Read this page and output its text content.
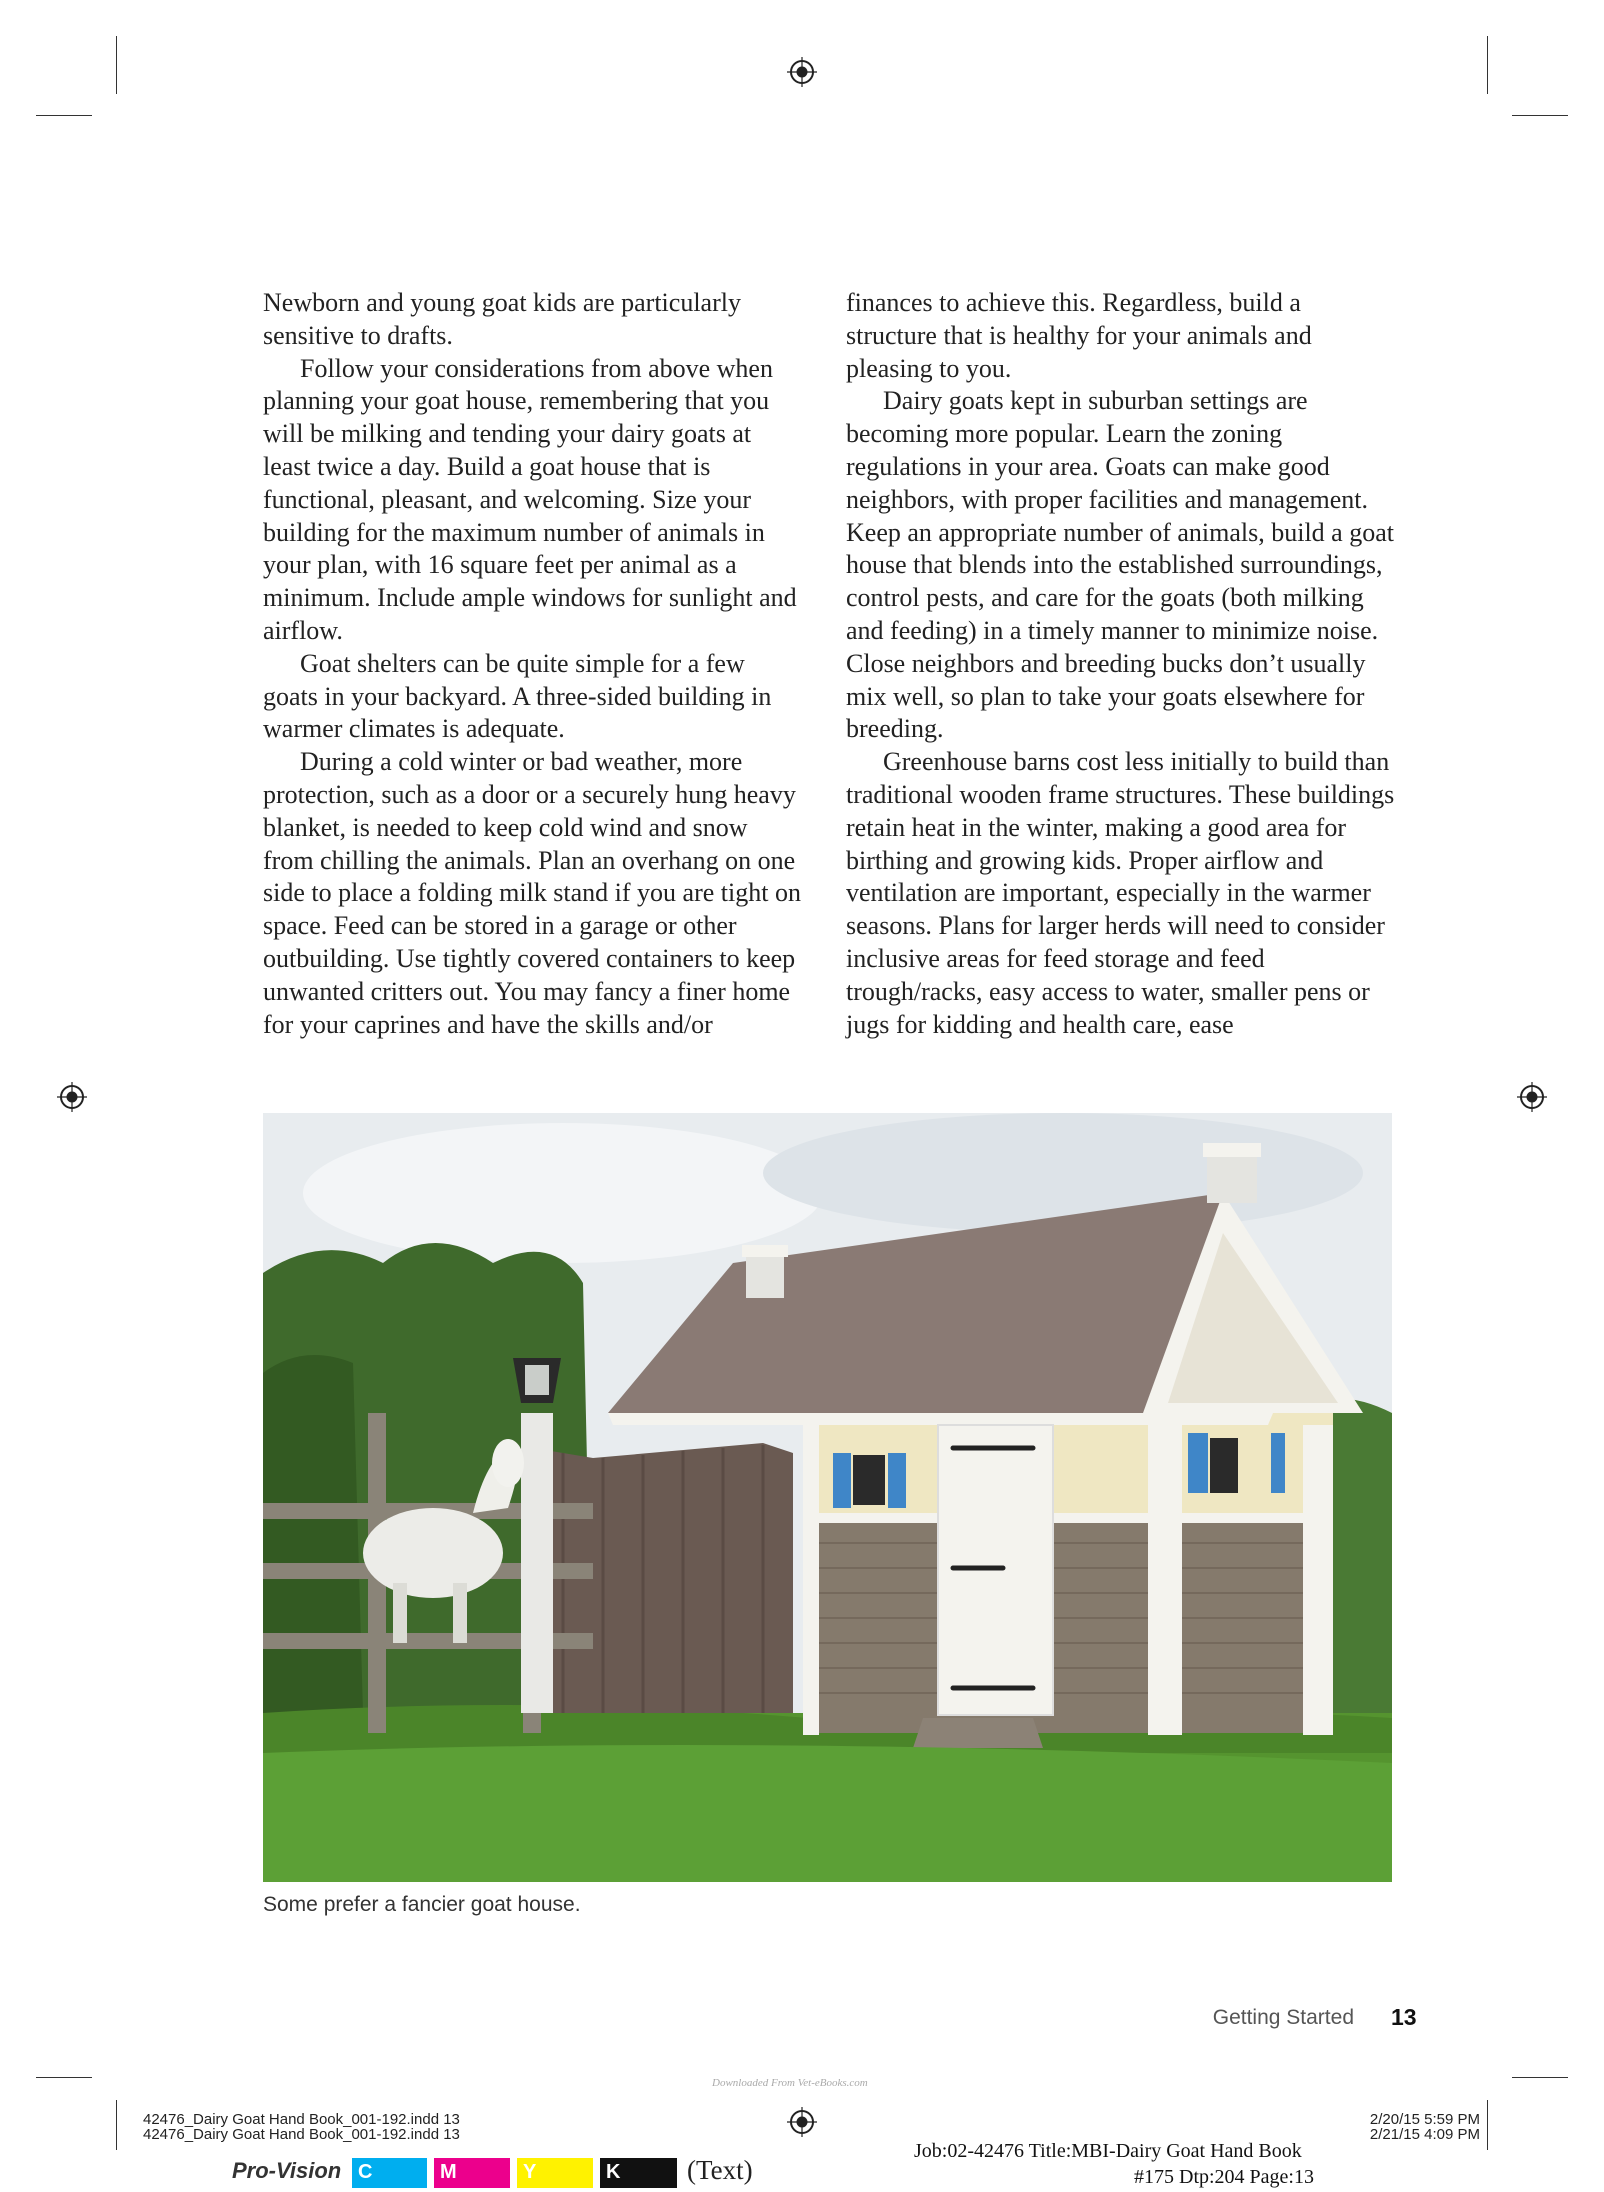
Newborn and young goat kids are particularly sensitive to drafts.

Follow your considerations from above when planning your goat house, remembering that you will be milking and tending your dairy goats at least twice a day. Build a goat house that is functional, pleasant, and welcoming. Size your building for the maximum number of animals in your plan, with 16 square feet per animal as a minimum. Include ample windows for sunlight and airflow.

Goat shelters can be quite simple for a few goats in your backyard. A three-sided building in warmer climates is adequate.

During a cold winter or bad weather, more protection, such as a door or a securely hung heavy blanket, is needed to keep cold wind and snow from chilling the animals. Plan an overhang on one side to place a folding milk stand if you are tight on space. Feed can be stored in a garage or other outbuilding. Use tightly covered containers to keep unwanted critters out. You may fancy a finer home for your caprines and have the skills and/or

finances to achieve this. Regardless, build a structure that is healthy for your animals and pleasing to you.

Dairy goats kept in suburban settings are becoming more popular. Learn the zoning regulations in your area. Goats can make good neighbors, with proper facilities and management. Keep an appropriate number of animals, build a goat house that blends into the established surroundings, control pests, and care for the goats (both milking and feeding) in a timely manner to minimize noise. Close neighbors and breeding bucks don’t usually mix well, so plan to take your goats elsewhere for breeding.

Greenhouse barns cost less initially to build than traditional wooden frame structures. These buildings retain heat in the winter, making a good area for birthing and growing kids. Proper airflow and ventilation are important, especially in the warmer seasons. Plans for larger herds will need to consider inclusive areas for feed storage and feed trough/racks, easy access to water, smaller pens or jugs for kidding and health care, ease

Some prefer a fancier goat house.
Getting Started 13
Downloaded From Vet-eBooks.com
42476_Dairy Goat Hand Book_001-192.indd 13
42476_Dairy Goat Hand Book_001-192.indd 13
2/20/15 5:59 PM
2/21/15 4:09 PM
Pro-Vision C	M	Y	K	(Text)
Job:02-42476 Title:MBI-Dairy Goat Hand Book
#175 Dtp:204 Page:13
